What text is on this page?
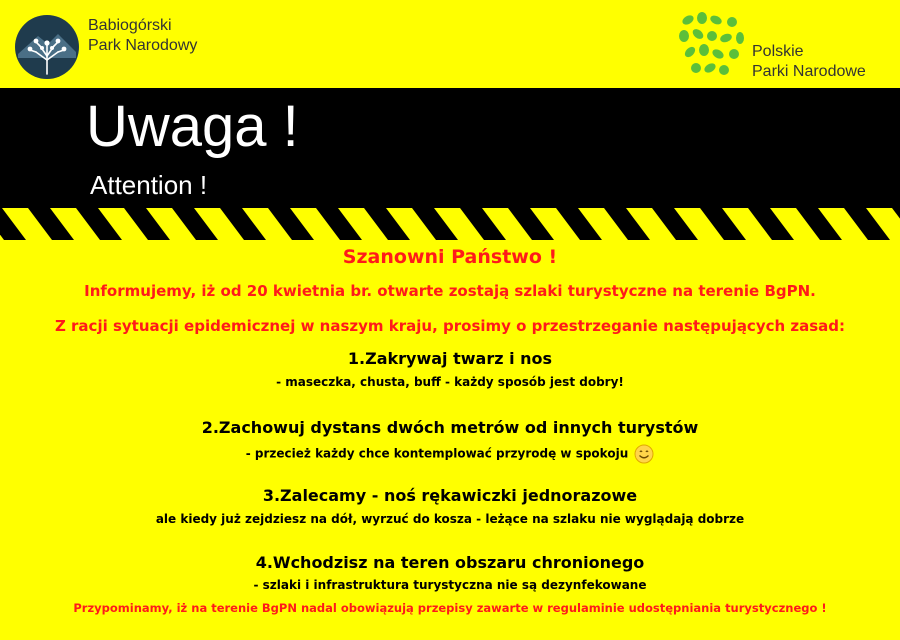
Babiogórski
Park Narodowy	Polskie
Parki Narodowe
Uwaga !
Attention !
Szanowni Państwo !
Informujemy, iż od 20 kwietnia br. otwarte zostają szlaki turystyczne na terenie BgPN.
Z racji sytuacji epidemicznej w naszym kraju, prosimy o przestrzeganie następujących zasad:
1.Zakrywaj twarz i nos
- maseczka, chusta, buff - każdy sposób jest dobry!
2.Zachowuj dystans dwóch metrów od innych turystów
- przecież każdy chce kontemplować przyrodę w spokoju
3.Zalecamy - noś rękawiczki jednorazowe
ale kiedy już zejdziesz na dół, wyrzuć do kosza - leżące na szlaku nie wyglądają dobrze
4.Wchodzisz na teren obszaru chronionego
- szlaki i infrastruktura turystyczna nie są dezynfekowane
Przypominamy, iż na terenie BgPN nadal obowiązują przepisy zawarte w regulaminie udostępniania turystycznego !
